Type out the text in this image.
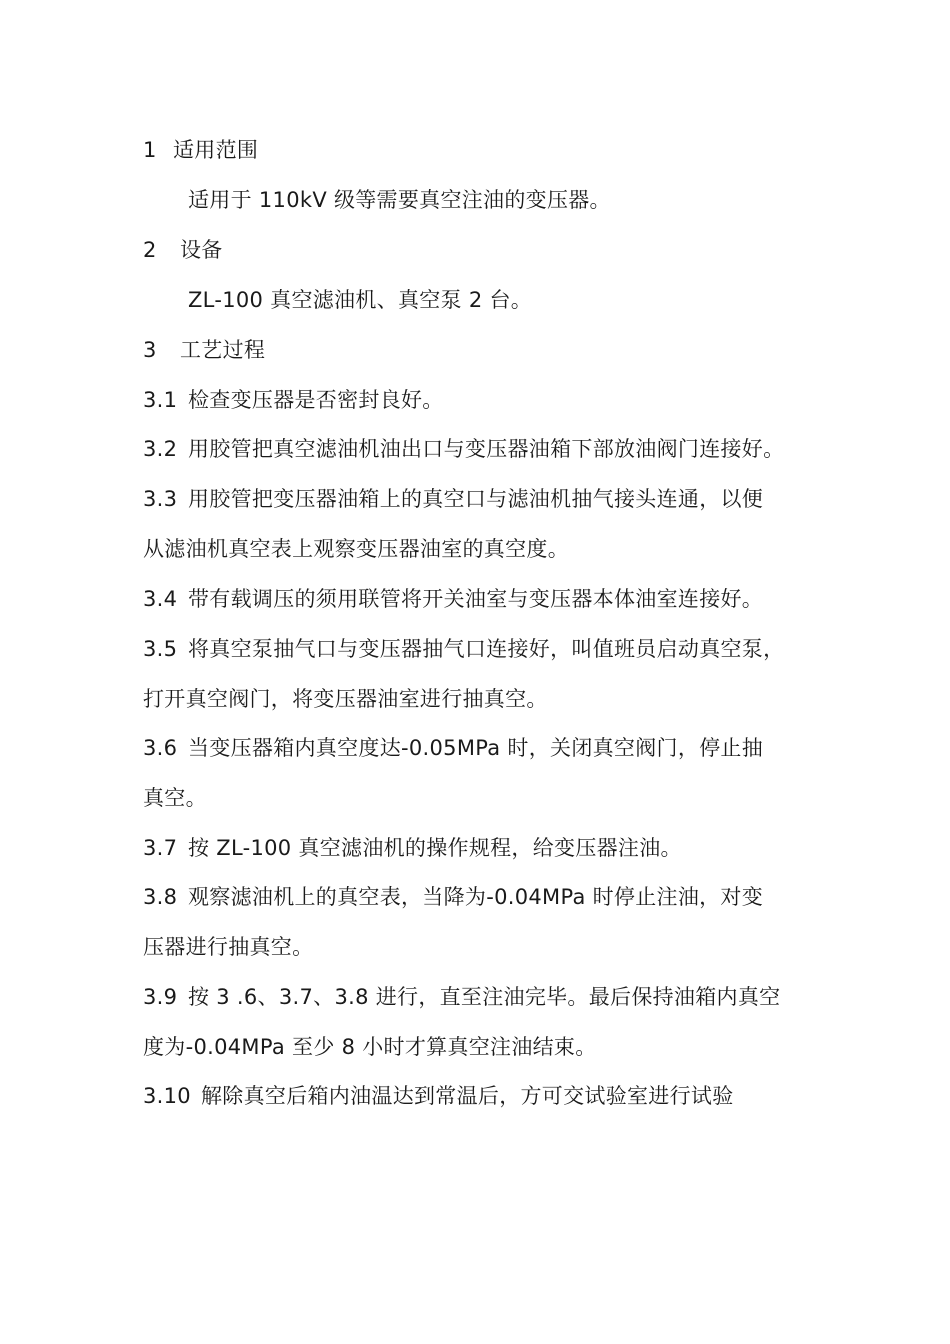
1 适用范围
适用于 110kV 级等需要真空注油的变压器。
2 设备
ZL-100 真空滤油机、真空泵 2 台。
3 工艺过程
3.1 检查变压器是否密封良好。
3.2 用胶管把真空滤油机油出口与变压器油箱下部放油阀门连接好。
3.3 用胶管把变压器油箱上的真空口与滤油机抽气接头连通，以便
从滤油机真空表上观察变压器油室的真空度。
3.4 带有载调压的须用联管将开关油室与变压器本体油室连接好。
3.5 将真空泵抽气口与变压器抽气口连接好，叫值班员启动真空泵，
打开真空阀门，将变压器油室进行抽真空。
3.6 当变压器箱内真空度达-0.05MPa 时，关闭真空阀门，停止抽
真空。
3.7 按 ZL-100 真空滤油机的操作规程，给变压器注油。
3.8 观察滤油机上的真空表，当降为-0.04MPa 时停止注油，对变
压器进行抽真空。
3.9 按 3 .6、3.7、3.8 进行，直至注油完毕。最后保持油箱内真空
度为-0.04MPa 至少 8 小时才算真空注油结束。
3.10 解除真空后箱内油温达到常温后，方可交试验室进行试验
